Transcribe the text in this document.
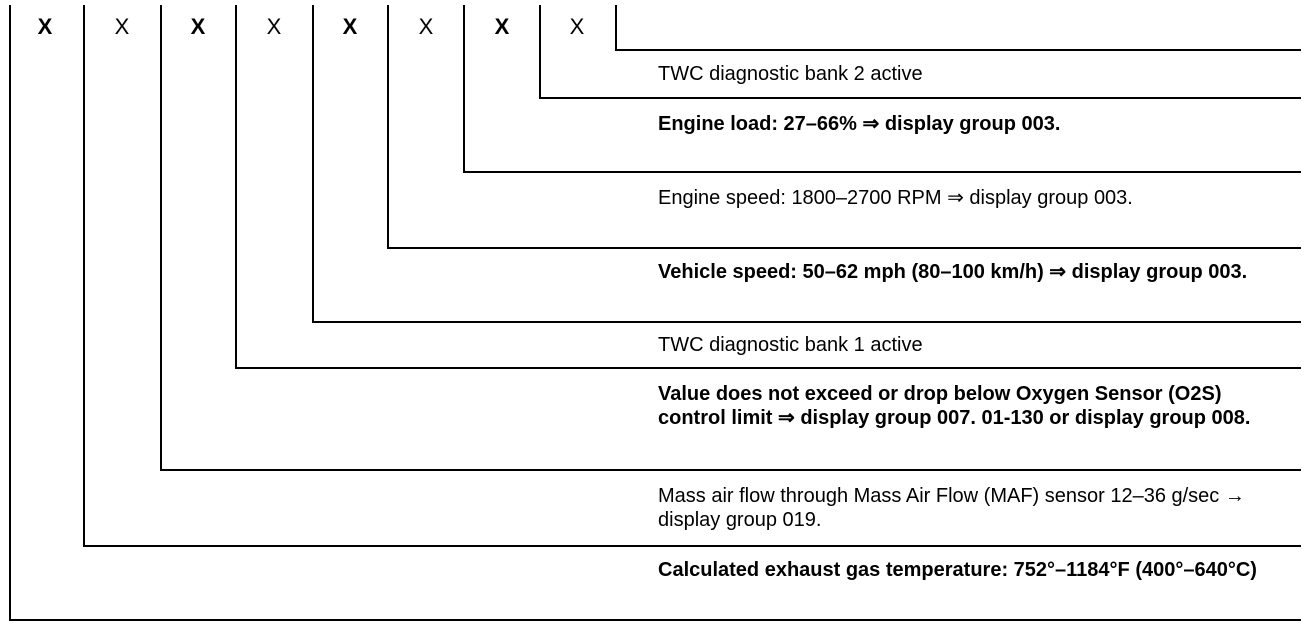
X	X	X	X	X	X	X	X
TWC diagnostic bank 2 active
Engine load: 27–66% ⇒ display group 003.
Engine speed: 1800–2700 RPM ⇒ display group 003.
Vehicle speed: 50–62 mph (80–100 km/h) ⇒ display group 003.
TWC diagnostic bank 1 active
Value does not exceed or drop below Oxygen Sensor (O2S) control limit ⇒ display group 007. 01-130 or display group 008.
Mass air flow through Mass Air Flow (MAF) sensor 12–36 g/sec → display group 019.
Calculated exhaust gas temperature: 752°–1184°F (400°–640°C)
